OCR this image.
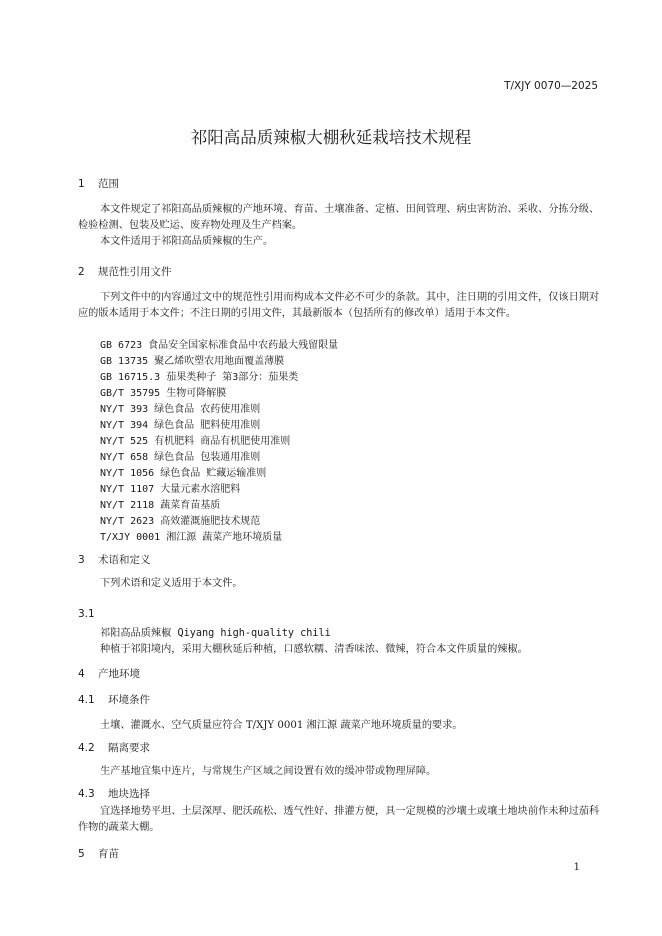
T/XJY 0070—2025
祁阳高品质辣椒大棚秋延栽培技术规程
1 范围
本文件规定了祁阳高品质辣椒的产地环境、育苗、土壤准备、定植、田间管理、病虫害防治、采收、分拣分级、检验检测、包装及贮运、废弃物处理及生产档案。
本文件适用于祁阳高品质辣椒的生产。
2 规范性引用文件
下列文件中的内容通过文中的规范性引用而构成本文件必不可少的条款。其中，注日期的引用文件，仅该日期对应的版本适用于本文件；不注日期的引用文件，其最新版本（包括所有的修改单）适用于本文件。
GB 6723 食品安全国家标准食品中农药最大残留限量
GB 13735 聚乙烯吹塑农用地面覆盖薄膜
GB 16715.3 茄果类种子 第3部分：茄果类
GB/T 35795 生物可降解膜
NY/T 393 绿色食品 农药使用准则
NY/T 394 绿色食品 肥料使用准则
NY/T 525 有机肥料 商品有机肥使用准则
NY/T 658 绿色食品 包装通用准则
NY/T 1056 绿色食品 贮藏运输准则
NY/T 1107 大量元素水溶肥料
NY/T 2118 蔬菜育苗基质
NY/T 2623 高效灌溉施肥技术规范
T/XJY 0001 湘江源 蔬菜产地环境质量
3 术语和定义
下列术语和定义适用于本文件。
3.1
祁阳高品质辣椒 Qiyang high-quality chili
种植于祁阳境内，采用大棚秋延后种植，口感软糯、清香味浓、微辣，符合本文件质量的辣椒。
4 产地环境
4.1 环境条件
土壤、灌溉水、空气质量应符合 T/XJY 0001 湘江源 蔬菜产地环境质量的要求。
4.2 隔离要求
生产基地宜集中连片，与常规生产区域之间设置有效的缓冲带或物理屏障。
4.3 地块选择
宜选择地势平坦、土层深厚、肥沃疏松、透气性好、排灌方便，具一定规模的沙壤土或壤土地块前作未种过茄科作物的蔬菜大棚。
5 育苗
1
